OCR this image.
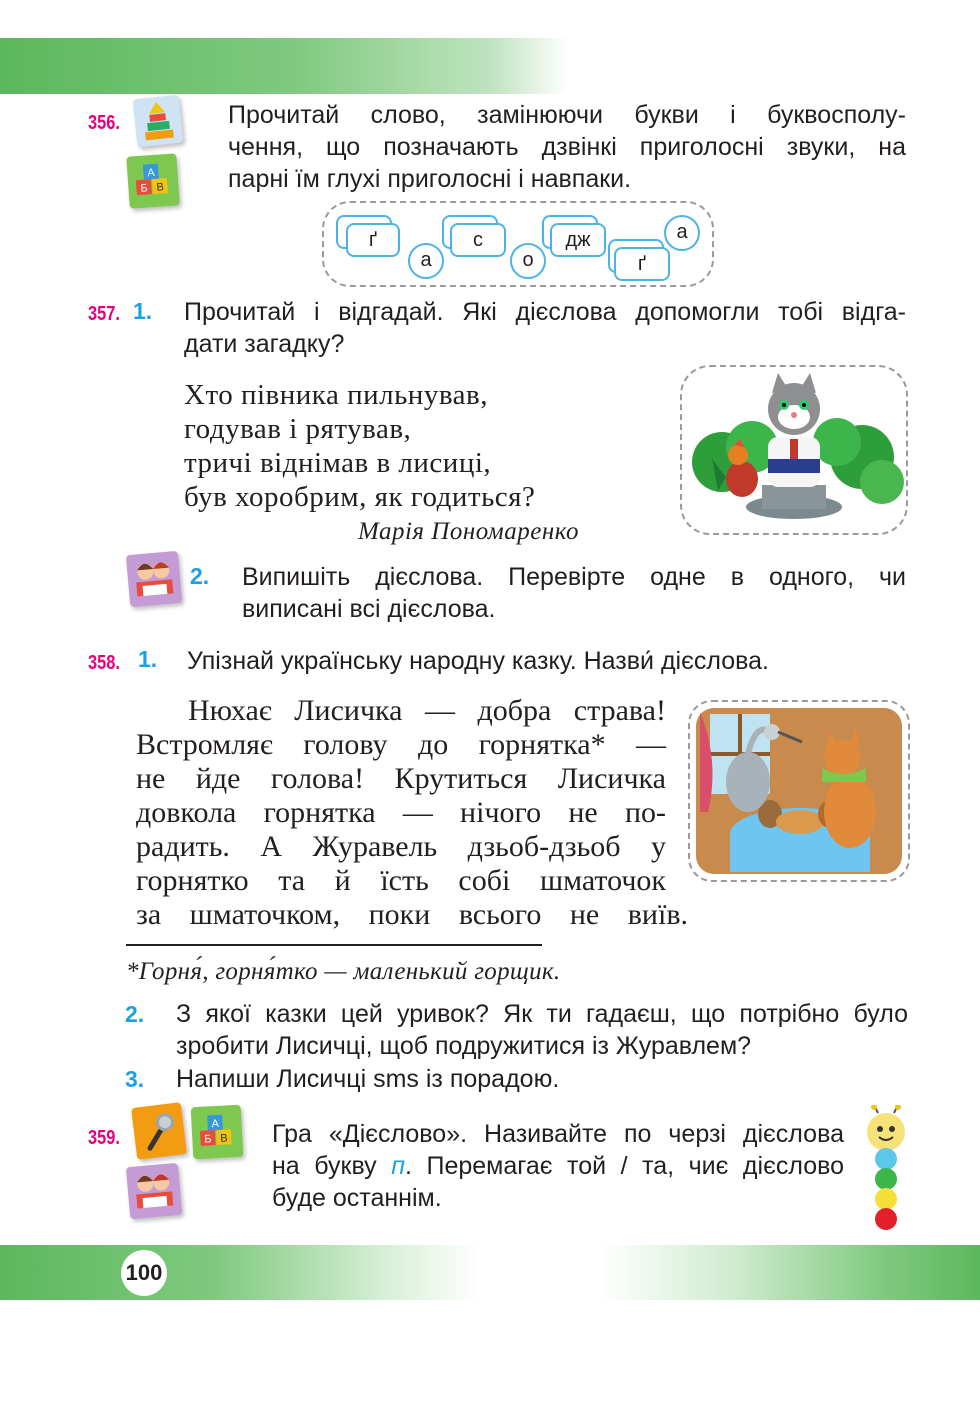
100
356.
Б В
А
Прочитай слово, замінюючи букви і буквосполу-
чення, що позначають дзвінкі приголосні звуки, на
парні їм глухі приголосні і навпаки.
ґ
а
с
о
дж
ґ
а
357. 1. Прочитай і відгадай. Які дієслова допомогли тобі відга-
дати загадку?
Хто півника пильнував,
годував і рятував,
тричі віднімав в лисиці,
був хоробрим, як годиться?
Марія Пономаренко
2. Випишіть дієслова. Перевірте одне в одного, чи
виписані всі дієслова.
358. 1. Упізнай українську народну казку. Назви́ дієслова.
Нюхає Лисичка — добра страва!
Встромляє голову до горнятка* —
не йде голова! Крутиться Лисичка
довкола горнятка — нічого не по-
радить. А Журавель дзьоб-дзьоб у
горнятко та й їсть собі шматочок
за шматочком, поки всього не виїв.
*Горня́, горня́тко — маленький горщик.
2. З якої казки цей уривок? Як ти гадаєш, що потрібно було
зробити Лисичці, щоб подружитися із Журавлем?
3. Напиши Лисичці sms із порадою.
359.	Б В
А Гра «Дієслово». Називайте по черзі дієслова
на букву п. Перемагає той / та, чиє дієслово
буде останнім.
